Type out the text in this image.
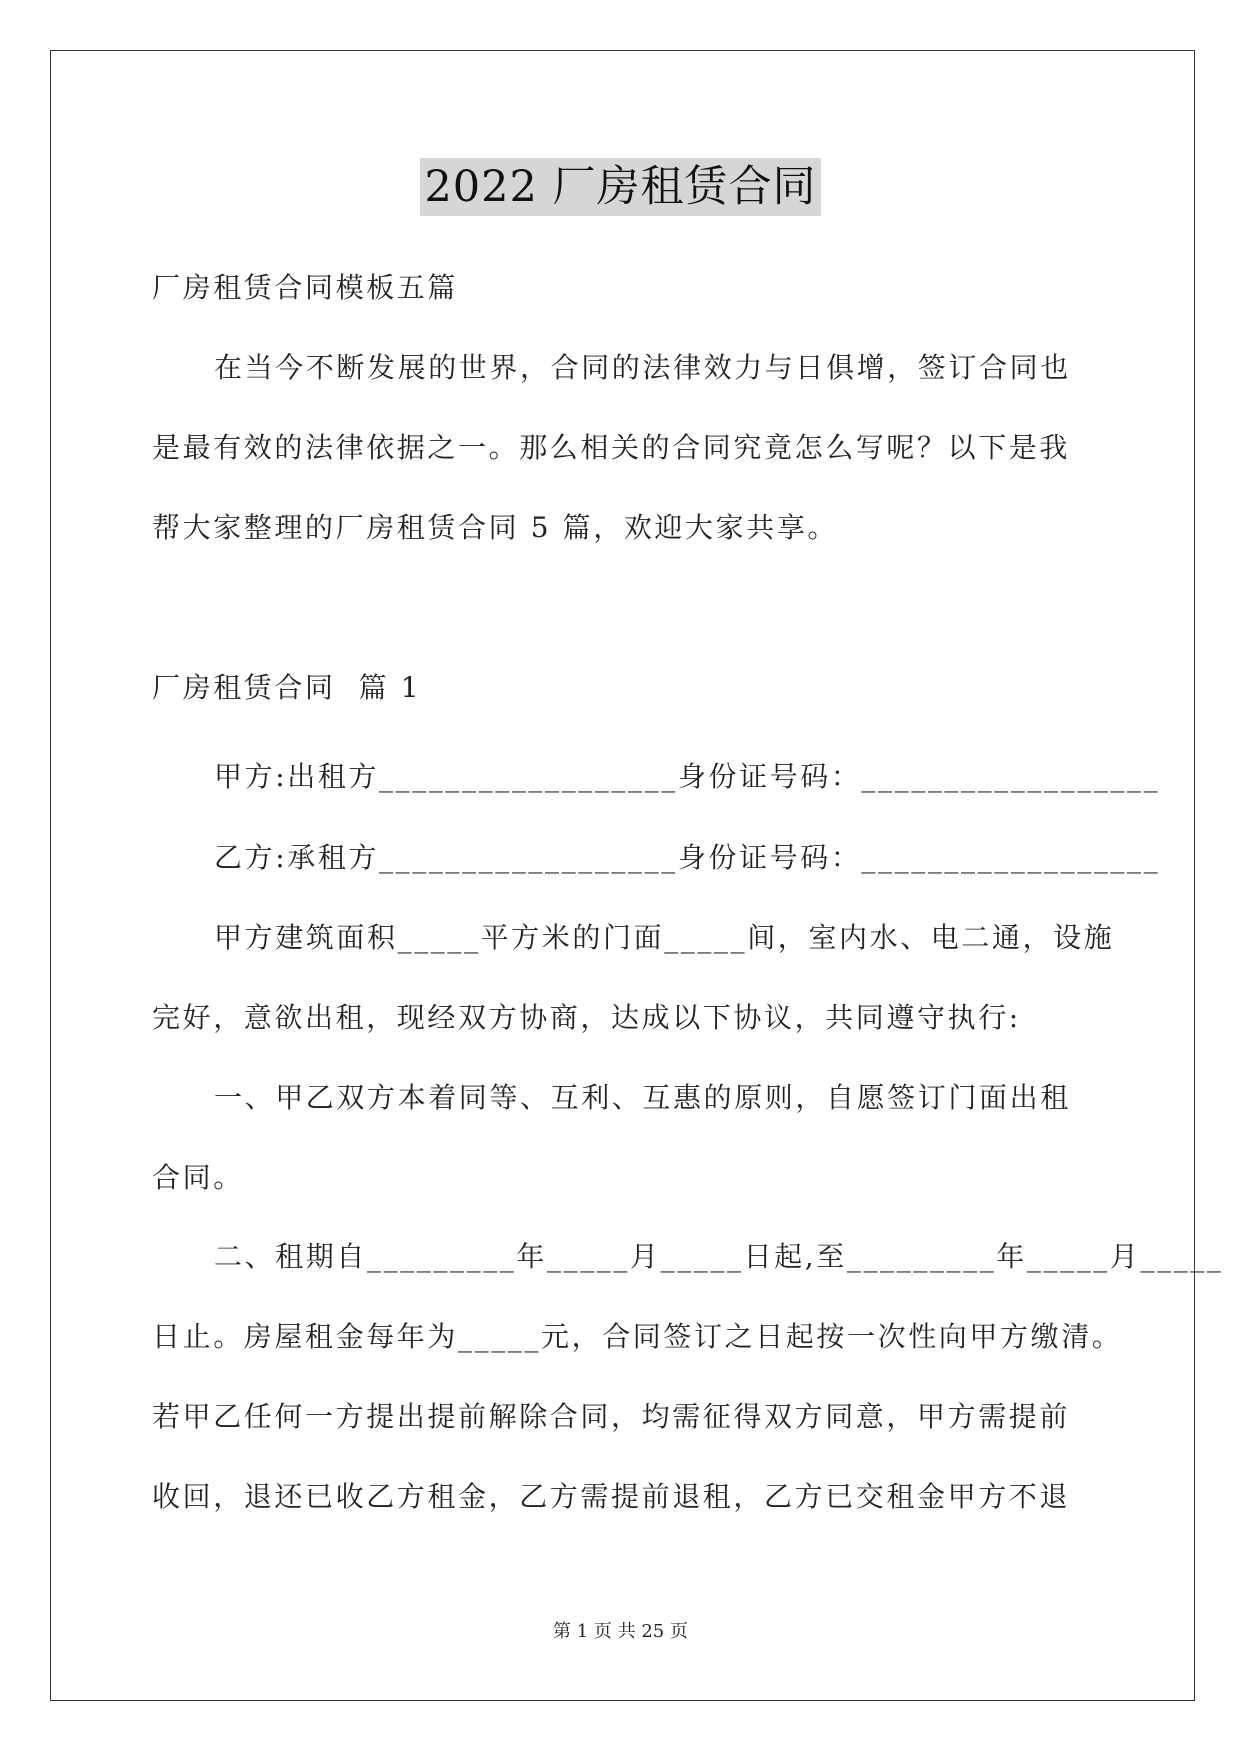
2022 厂房租赁合同
厂房租赁合同模板五篇
在当今不断发展的世界，合同的法律效力与日俱增，签订合同也
是最有效的法律依据之一。那么相关的合同究竟怎么写呢？以下是我
帮大家整理的厂房租赁合同 5 篇，欢迎大家共享。
厂房租赁合同  篇 1
甲方:出租方__________________身份证号码：__________________
乙方:承租方__________________身份证号码：__________________
甲方建筑面积_____平方米的门面_____间，室内水、电二通，设施
完好，意欲出租，现经双方协商，达成以下协议，共同遵守执行:
一、甲乙双方本着同等、互利、互惠的原则，自愿签订门面出租
合同。
二、租期自_________年_____月_____日起,至_________年_____月_____
日止。房屋租金每年为_____元，合同签订之日起按一次性向甲方缴清。
若甲乙任何一方提出提前解除合同，均需征得双方同意，甲方需提前
收回，退还已收乙方租金，乙方需提前退租，乙方已交租金甲方不退
第 1 页 共 25 页
